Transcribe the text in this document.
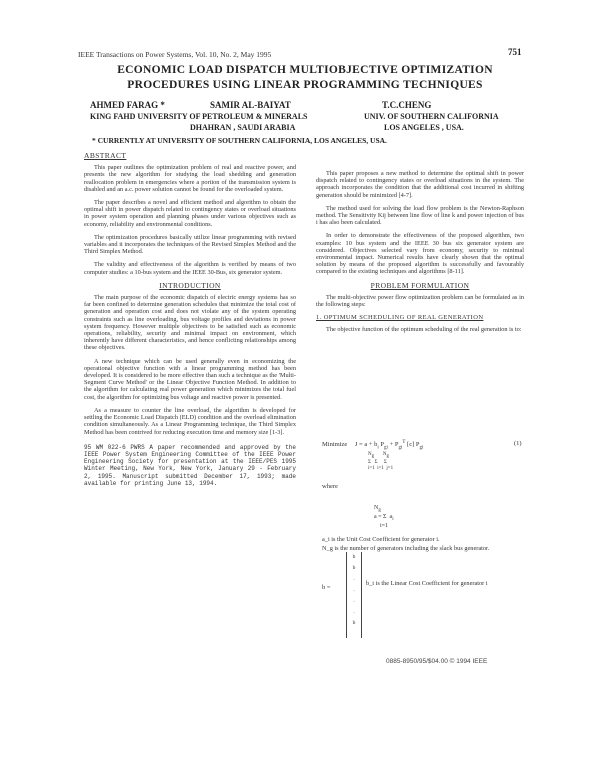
IEEE Transactions on Power Systems, Vol. 10, No. 2, May 1995	751
ECONOMIC LOAD DISPATCH MULTIOBJECTIVE OPTIMIZATION
PROCEDURES USING LINEAR PROGRAMMING TECHNIQUES
AHMED FARAG *	SAMIR AL-BAIYAT	T.C.CHENG
KING FAHD UNIVERSITY OF PETROLEUM & MINERALS	UNIV. OF SOUTHERN CALIFORNIA
DHAHRAN , SAUDI ARABIA	LOS ANGELES , USA.
* CURRENTLY AT UNIVERSITY OF SOUTHERN CALIFORNIA, LOS ANGELES, USA.
ABSTRACT

This paper outlines the optimization problem of real and reactive power, and presents the new algorithm for studying the load shedding and generation reallocation problem in emergencies where a portion of the transmission system is disabled and an a.c. power solution cannot be found for the overloaded system.

The paper describes a novel and efficient method and algorithm to obtain the optimal shift in power dispatch related to contingency states or overload situations in power system operation and planning phases under various objectives such as economy, reliability and environmental conditions.

The optimization procedures basically utilize linear programming with revised variables and it incorporates the techniques of the Revised Simplex Method and the Third Simplex Method.

The validity and effectiveness of the algorithm is verified by means of two computer studies: a 10-bus system and the IEEE 30-Bus, six generator system.

INTRODUCTION

The main purpose of the economic dispatch of electric energy systems has so far been confined to determine generation schedules that minimize the total cost of generation and operation cost and does not violate any of the system operating constraints such as line overloading, bus voltage profiles and deviations in power system frequency. However multiple objectives to be satisfied such as economic operations, reliability, security and minimal impact on environment, which inherently have different characteristics, and hence conflicting relationships among these objectives.

A new technique which can be used generally even in economizing the operational objective function with a linear programming method has been developed. It is considered to be more effective than such a technique as the 'Multi-Segment Curve Method' or the Linear Objective Function Method. In addition to the algorithm for calculating real power generation which minimizes the total fuel cost, the algorithm for optimizing bus voltage and reactive power is presented.

As a measure to counter the line overload, the algorithm is developed for settling the Economic Load Dispatch (ELD) condition and the overload elimination condition simultaneously. As a Linear Programming technique, the Third Simplex Method has been contrived for reducing execution time and memory size [1-3].

95 WM 022-6 PWRS A paper recommended and approved by the IEEE Power System Engineering Committee of the IEEE Power Engineering Society for presentation at the IEEE/PES 1995 Winter Meeting, New York, New York, January 29 - February 2, 1995. Manuscript submitted December 17, 1993; made available for printing June 13, 1994.

This paper proposes a new method to determine the optimal shift in power dispatch related to contingency states or overload situations in the system. The approach incorporates the condition that the additional cost incurred in shifting generation should be minimized [4-7].

The method used for solving the load flow problem is the Newton-Raphson method. The Sensitivity Kij between line flow of line k and power injection of bus i has also been calculated.

In order to demonstrate the effectiveness of the proposed algorithm, two examples: 10 bus system and the IEEE 30 bus six generator system are considered. Objectives selected vary from economy, security to minimal environmental impact. Numerical results have clearly shown that the optimal solution by means of the proposed algorithm is successfully and favourably compared to the existing techniques and algorithms [8-11].

PROBLEM FORMULATION

The multi-objective power flow optimization problem can be formulated as in the following steps:

1. OPTIMUM SCHEDULING OF REAL GENERATION

The objective function of the optimum scheduling of the real generation is to:

Minimize $J = a + b_i$ $P_{gi} + P_{gi}^T$ [c] $P_{gi}$
(1)
Ng       Ng
Σ   Σ     Σ
i=1  i=1  j=1
where
$N_g$
a = Σ  $a_i$
i=1

a_i is the Unit Cost Coefficient for generator i.

N_g is the number of generators including the slack bus generator.

b =
b
b
.
.
.
.
b

b_i is the Linear Cost Coefficient for generator i

0885-8950/95/$04.00 © 1994 IEEE
